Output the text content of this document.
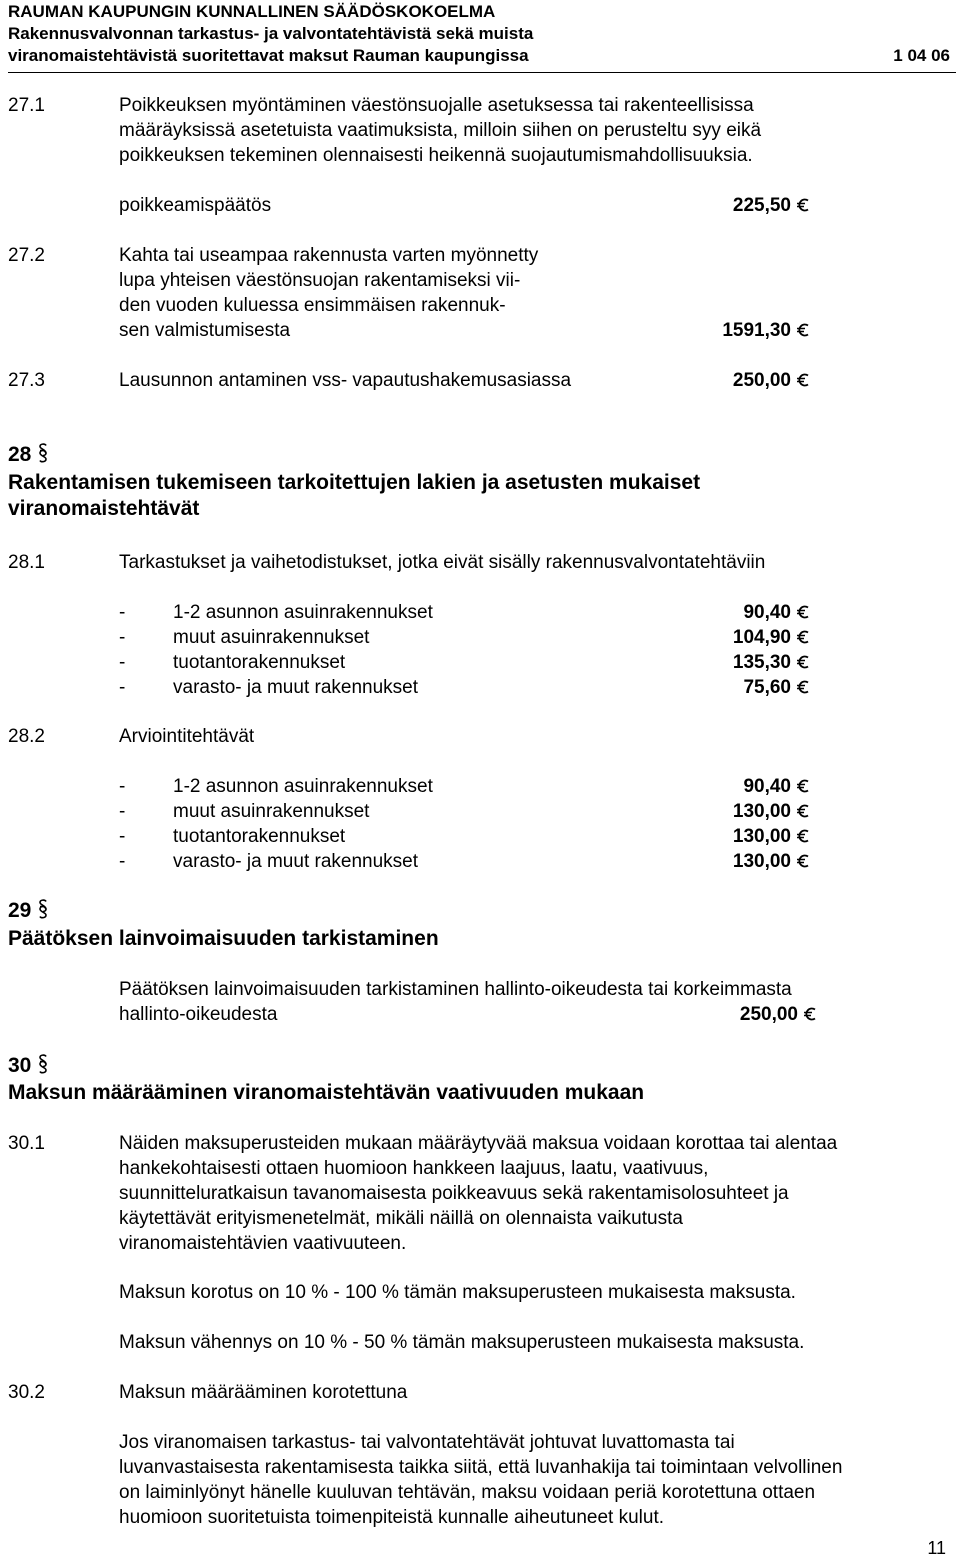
RAUMAN KAUPUNGIN KUNNALLINEN SÄÄDÖSKOKOELMA
Rakennusvalvonnan tarkastus- ja valvontatehtävistä sekä muista
viranomaistehtävistä suoritettavat maksut Rauman kaupungissa	1 04 06
27.1	Poikkeuksen myöntäminen väestönsuojalle asetuksessa tai rakenteellisissa
määräyksissä asetetuista vaatimuksista, milloin siihen on perusteltu syy eikä
poikkeuksen tekeminen olennaisesti heikennä suojautumismahdollisuuksia.
poikkeamispäätös	225,50
27.2	Kahta tai useampaa rakennusta varten myönnetty
lupa yhteisen väestönsuojan rakentamiseksi vii-
den vuoden kuluessa ensimmäisen rakennuk-
sen valmistumisesta	1591,30
27.3	Lausunnon antaminen vss- vapautushakemusasiassa	250,00
28
Rakentamisen tukemiseen tarkoitettujen lakien ja asetusten mukaiset
viranomaistehtävät
28.1	Tarkastukset ja vaihetodistukset, jotka eivät sisälly rakennusvalvontatehtäviin
-	1-2 asunnon asuinrakennukset	90,40
-	muut asuinrakennukset	104,90
-	tuotantorakennukset	135,30
-	varasto- ja muut rakennukset	75,60
28.2	Arviointitehtävät
-	1-2 asunnon asuinrakennukset	90,40
-	muut asuinrakennukset	130,00
-	tuotantorakennukset	130,00
-	varasto- ja muut rakennukset	130,00
29
Päätöksen lainvoimaisuuden tarkistaminen
Päätöksen lainvoimaisuuden tarkistaminen hallinto-oikeudesta tai korkeimmasta
hallinto-oikeudesta	250,00
30
Maksun määrääminen viranomaistehtävän vaativuuden mukaan
30.1	Näiden maksuperusteiden mukaan määräytyvää maksua voidaan korottaa tai alentaa
hankekohtaisesti ottaen huomioon hankkeen laajuus, laatu, vaativuus,
suunnitteluratkaisun tavanomaisesta poikkeavuus sekä rakentamisolosuhteet ja
käytettävät erityismenetelmät, mikäli näillä on olennaista vaikutusta
viranomaistehtävien vaativuuteen.
Maksun korotus on 10 % - 100 % tämän maksuperusteen mukaisesta maksusta.
Maksun vähennys on 10 % - 50 % tämän maksuperusteen mukaisesta maksusta.
30.2	Maksun määrääminen korotettuna
Jos viranomaisen tarkastus- tai valvontatehtävät johtuvat luvattomasta tai
luvanvastaisesta rakentamisesta taikka siitä, että luvanhakija tai toimintaan velvollinen
on laiminlyönyt hänelle kuuluvan tehtävän, maksu voidaan periä korotettuna ottaen
huomioon suoritetuista toimenpiteistä kunnalle aiheutuneet kulut.
11
